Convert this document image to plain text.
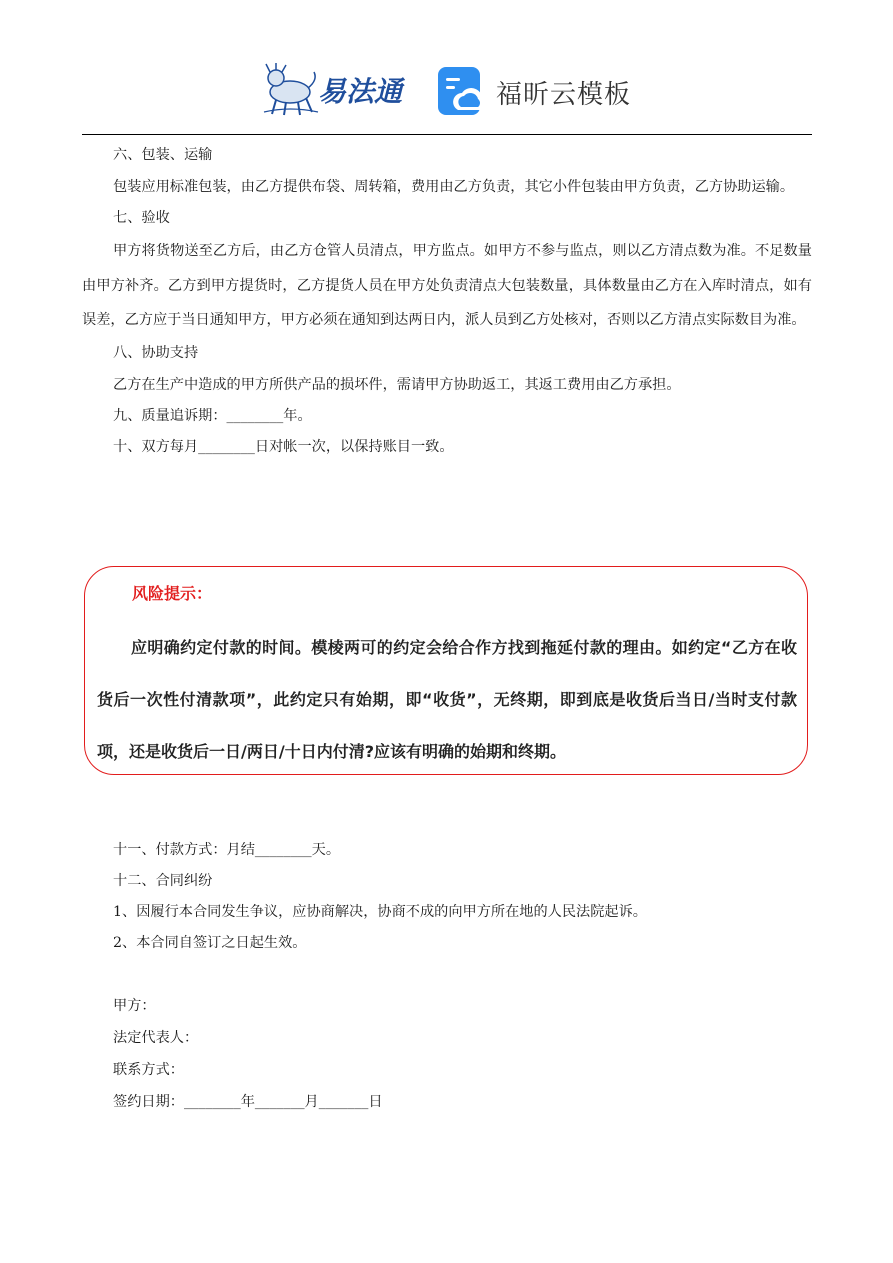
易法通	福昕云模板

六、包装、运输

包装应用标准包装，由乙方提供布袋、周转箱，费用由乙方负责，其它小件包装由甲方负责，乙方协助运输。

七、验收

甲方将货物送至乙方后，由乙方仓管人员清点，甲方监点。如甲方不参与监点，则以乙方清点数为准。不足数量由甲方补齐。乙方到甲方提货时，乙方提货人员在甲方处负责清点大包装数量，具体数量由乙方在入库时清点，如有误差，乙方应于当日通知甲方，甲方必须在通知到达两日内，派人员到乙方处核对，否则以乙方清点实际数目为准。

八、协助支持

乙方在生产中造成的甲方所供产品的损坏件，需请甲方协助返工，其返工费用由乙方承担。

九、质量追诉期：________年。

十、双方每月________日对帐一次，以保持账目一致。

风险提示：

应明确约定付款的时间。模棱两可的约定会给合作方找到拖延付款的理由。如约定“乙方在收货后一次性付清款项”，此约定只有始期，即“收货”，无终期，即到底是收货后当日/当时支付款项，还是收货后一日/两日/十日内付清?应该有明确的始期和终期。

十一、付款方式：月结________天。

十二、合同纠纷

1、因履行本合同发生争议，应协商解决，协商不成的向甲方所在地的人民法院起诉。

2、本合同自签订之日起生效。

甲方：

法定代表人：

联系方式：

签约日期：________年_______月_______日
